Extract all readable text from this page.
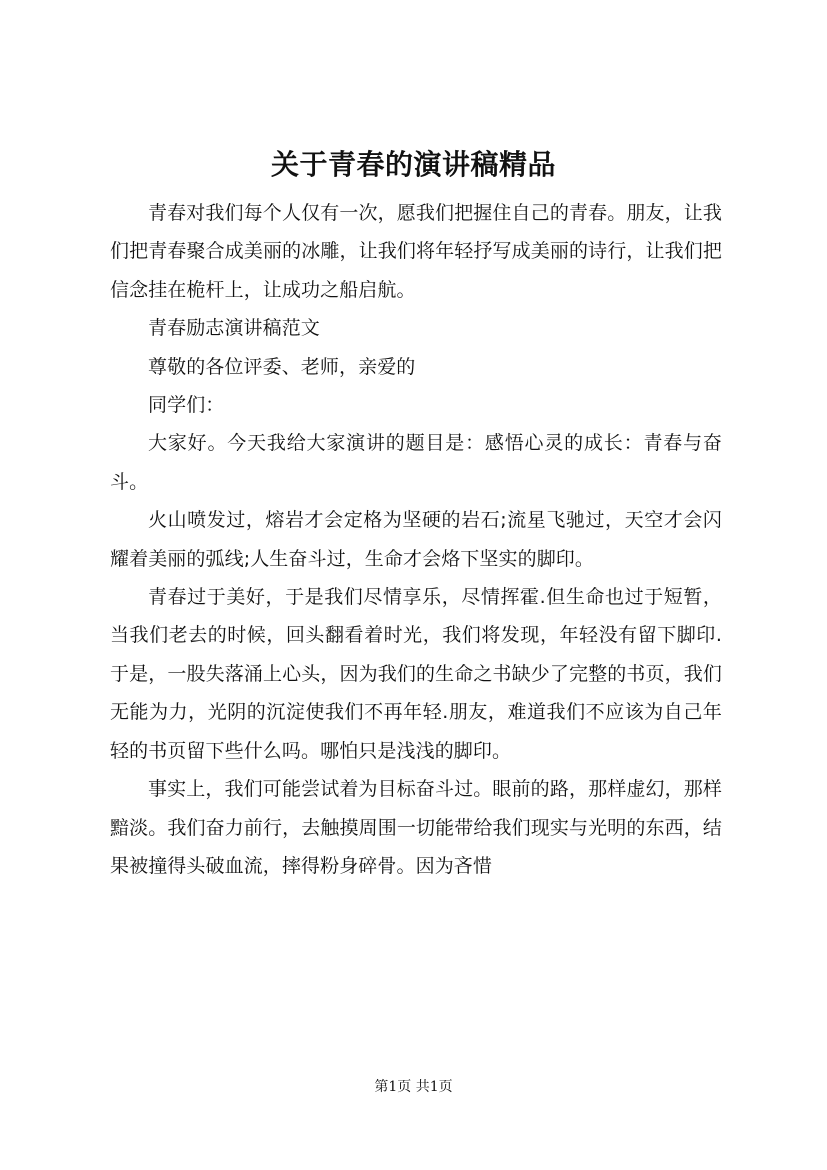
关于青春的演讲稿精品

青春对我们每个人仅有一次，愿我们把握住自己的青春。朋友，让我们把青春聚合成美丽的冰雕，让我们将年轻抒写成美丽的诗行，让我们把信念挂在桅杆上，让成功之船启航。

青春励志演讲稿范文

尊敬的各位评委、老师，亲爱的

同学们：

大家好。今天我给大家演讲的题目是：感悟心灵的成长：青春与奋斗。

火山喷发过，熔岩才会定格为坚硬的岩石;流星飞驰过，天空才会闪耀着美丽的弧线;人生奋斗过，生命才会烙下坚实的脚印。

青春过于美好，于是我们尽情享乐，尽情挥霍.但生命也过于短暂，当我们老去的时候，回头翻看着时光，我们将发现，年轻没有留下脚印.于是，一股失落涌上心头，因为我们的生命之书缺少了完整的书页，我们无能为力，光阴的沉淀使我们不再年轻.朋友，难道我们不应该为自己年轻的书页留下些什么吗。哪怕只是浅浅的脚印。

事实上，我们可能尝试着为目标奋斗过。眼前的路，那样虚幻，那样黯淡。我们奋力前行，去触摸周围一切能带给我们现实与光明的东西，结果被撞得头破血流，摔得粉身碎骨。因为吝惜

第1页 共1页
